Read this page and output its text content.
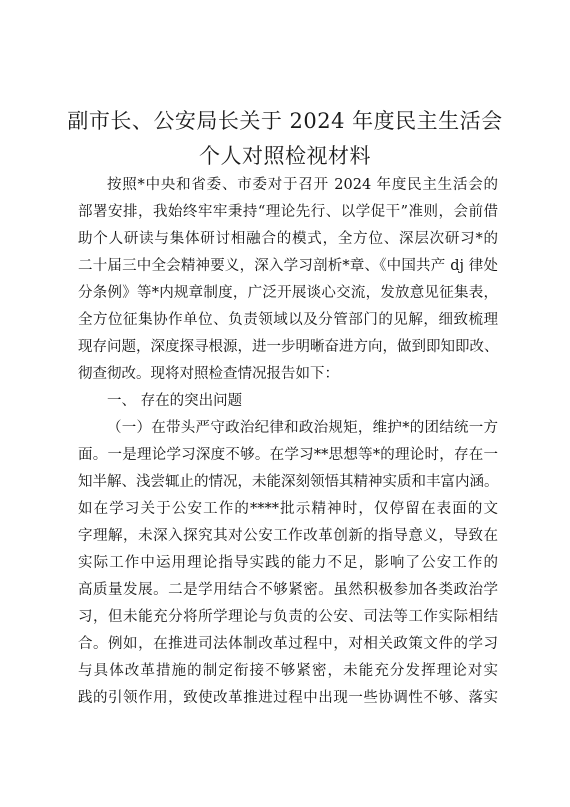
副市长、公安局长关于 2024 年度民主生活会
个人对照检视材料
按照*中央和省委、市委对于召开 2024 年度民主生活会的
部署安排，我始终牢牢秉持“理论先行、以学促干”准则，会前借
助个人研读与集体研讨相融合的模式，全方位、深层次研习*的
二十届三中全会精神要义，深入学习剖析*章、《中国共产 dj 律处
分条例》等*内规章制度，广泛开展谈心交流，发放意见征集表，
全方位征集协作单位、负责领域以及分管部门的见解，细致梳理
现存问题，深度探寻根源，进一步明晰奋进方向，做到即知即改、
彻查彻改。现将对照检查情况报告如下：
一、 存在的突出问题
（一）在带头严守政治纪律和政治规矩，维护*的团结统一方
面。一是理论学习深度不够。在学习**思想等*的理论时，存在一
知半解、浅尝辄止的情况，未能深刻领悟其精神实质和丰富内涵。
如在学习关于公安工作的****批示精神时，仅停留在表面的文
字理解，未深入探究其对公安工作改革创新的指导意义，导致在
实际工作中运用理论指导实践的能力不足，影响了公安工作的
高质量发展。二是学用结合不够紧密。虽然积极参加各类政治学
习，但未能充分将所学理论与负责的公安、司法等工作实际相结
合。例如，在推进司法体制改革过程中，对相关政策文件的学习
与具体改革措施的制定衔接不够紧密，未能充分发挥理论对实
践的引领作用，致使改革推进过程中出现一些协调性不够、落实
